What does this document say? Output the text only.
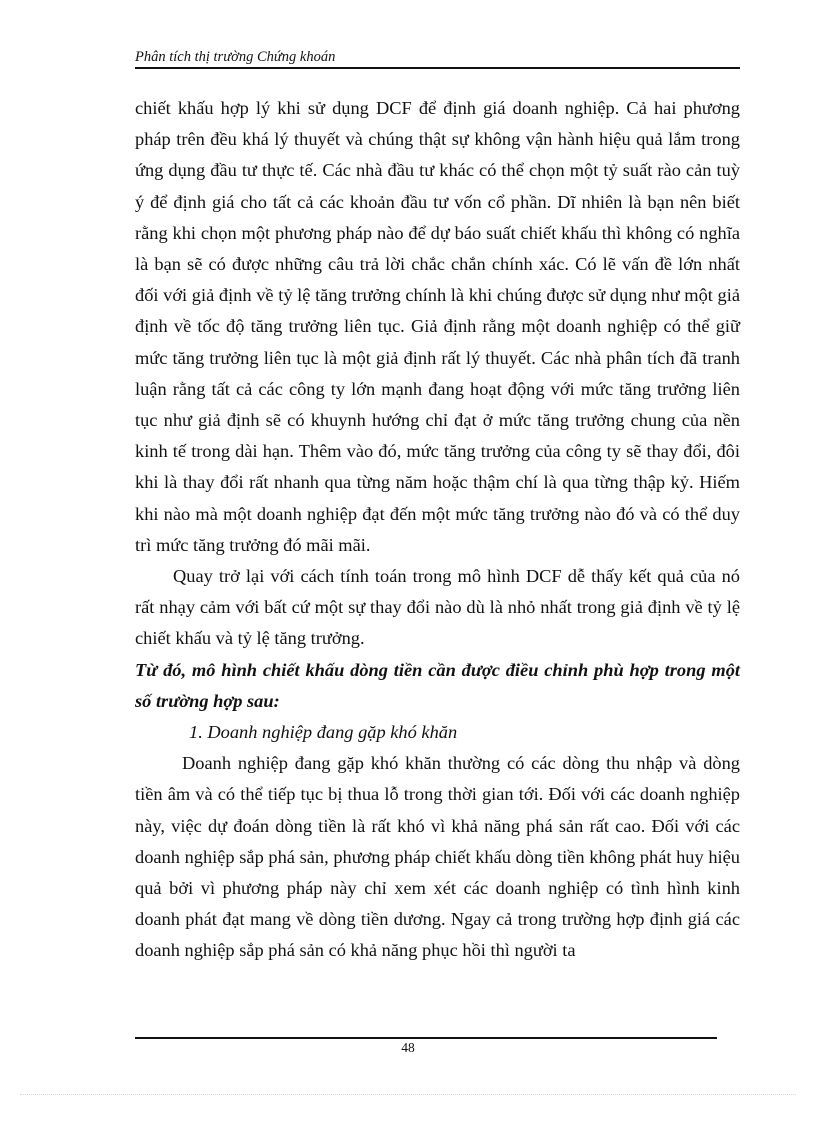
Phân tích thị trường Chứng khoán

chiết khấu hợp lý khi sử dụng DCF để định giá doanh nghiệp. Cả hai phương pháp trên đều khá lý thuyết và chúng thật sự không vận hành hiệu quả lắm trong ứng dụng đầu tư thực tế. Các nhà đầu tư khác có thể chọn một tỷ suất rào cản tuỳ ý để định giá cho tất cả các khoản đầu tư vốn cổ phần. Dĩ nhiên là bạn nên biết rằng khi chọn một phương pháp nào để dự báo suất chiết khấu thì không có nghĩa là bạn sẽ có được những câu trả lời chắc chắn chính xác. Có lẽ vấn đề lớn nhất đối với giả định về tỷ lệ tăng trưởng chính là khi chúng được sử dụng như một giả định về tốc độ tăng trưởng liên tục. Giả định rằng một doanh nghiệp có thể giữ mức tăng trưởng liên tục là một giả định rất lý thuyết. Các nhà phân tích đã tranh luận rằng tất cả các công ty lớn mạnh đang hoạt động với mức tăng trưởng liên tục như giả định sẽ có khuynh hướng chỉ đạt ở mức tăng trưởng chung của nền kinh tế trong dài hạn. Thêm vào đó, mức tăng trưởng của công ty sẽ thay đổi, đôi khi là thay đổi rất nhanh qua từng năm hoặc thậm chí là qua từng thập kỷ. Hiếm khi nào mà một doanh nghiệp đạt đến một mức tăng trưởng nào đó và có thể duy trì mức tăng trưởng đó mãi mãi.

Quay trở lại với cách tính toán trong mô hình DCF dễ thấy kết quả của nó rất nhạy cảm với bất cứ một sự thay đổi nào dù là nhỏ nhất trong giả định về tỷ lệ chiết khấu và tỷ lệ tăng trưởng.

Từ đó, mô hình chiết khấu dòng tiền cần được điều chỉnh phù hợp trong một số trường hợp sau:

1. Doanh nghiệp đang gặp khó khăn

Doanh nghiệp đang gặp khó khăn thường có các dòng thu nhập và dòng tiền âm và có thể tiếp tục bị thua lỗ trong thời gian tới. Đối với các doanh nghiệp này, việc dự đoán dòng tiền là rất khó vì khả năng phá sản rất cao. Đối với các doanh nghiệp sắp phá sản, phương pháp chiết khấu dòng tiền không phát huy hiệu quả bởi vì phương pháp này chỉ xem xét các doanh nghiệp có tình hình kinh doanh phát đạt mang về dòng tiền dương. Ngay cả trong trường hợp định giá các doanh nghiệp sắp phá sản có khả năng phục hồi thì người ta

48
